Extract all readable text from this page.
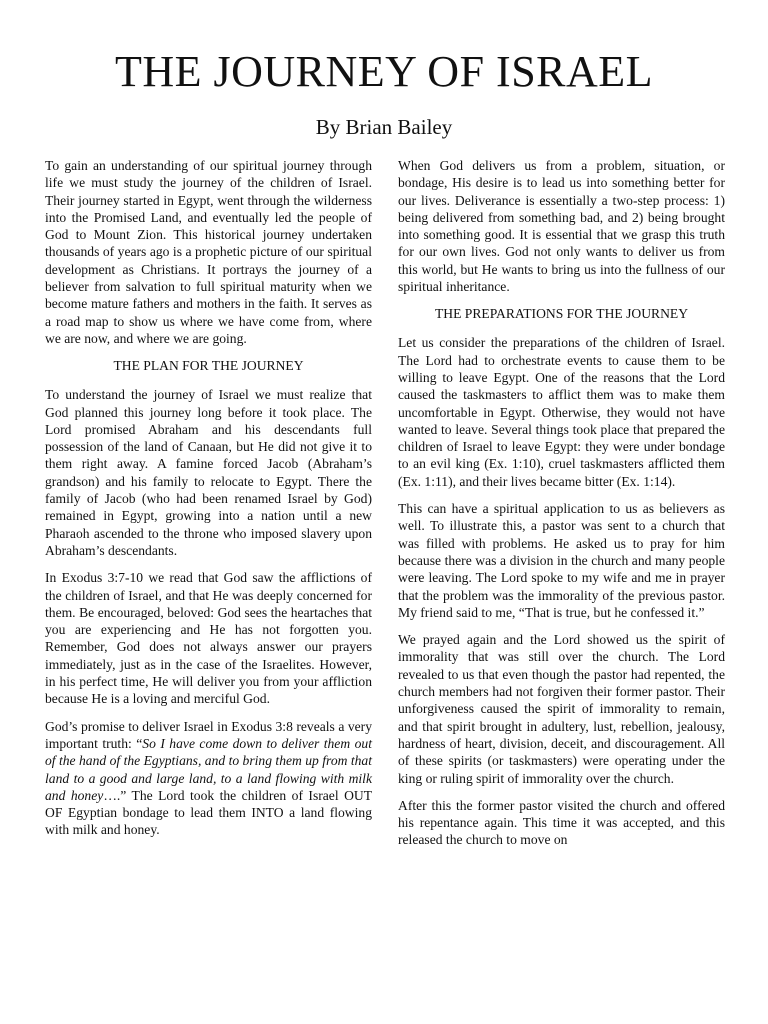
THE JOURNEY OF ISRAEL
By Brian Bailey

To gain an understanding of our spiritual journey through life we must study the journey of the children of Israel. Their journey started in Egypt, went through the wilderness into the Promised Land, and eventually led the people of God to Mount Zion. This historical journey undertaken thousands of years ago is a prophetic picture of our spiritual development as Christians. It portrays the journey of a believer from salvation to full spiritual maturity when we become mature fathers and mothers in the faith. It serves as a road map to show us where we have come from, where we are now, and where we are going.

THE PLAN FOR THE JOURNEY

To understand the journey of Israel we must realize that God planned this journey long before it took place. The Lord promised Abraham and his descendants full possession of the land of Canaan, but He did not give it to them right away. A famine forced Jacob (Abraham’s grandson) and his family to relocate to Egypt. There the family of Jacob (who had been renamed Israel by God) remained in Egypt, growing into a nation until a new Pharaoh ascended to the throne who imposed slavery upon Abraham’s descendants.

In Exodus 3:7-10 we read that God saw the afflictions of the children of Israel, and that He was deeply concerned for them. Be encouraged, beloved: God sees the heartaches that you are experiencing and He has not forgotten you. Remember, God does not always answer our prayers immediately, just as in the case of the Israelites. However, in his perfect time, He will deliver you from your affliction because He is a loving and merciful God.

God’s promise to deliver Israel in Exodus 3:8 reveals a very important truth: “So I have come down to deliver them out of the hand of the Egyptians, and to bring them up from that land to a good and large land, to a land flowing with milk and honey….” The Lord took the children of Israel OUT OF Egyptian bondage to lead them INTO a land flowing with milk and honey.

When God delivers us from a problem, situation, or bondage, His desire is to lead us into something better for our lives. Deliverance is essentially a two-step process: 1) being delivered from something bad, and 2) being brought into something good. It is essential that we grasp this truth for our own lives. God not only wants to deliver us from this world, but He wants to bring us into the fullness of our spiritual inheritance.

THE PREPARATIONS FOR THE JOURNEY

Let us consider the preparations of the children of Israel. The Lord had to orchestrate events to cause them to be willing to leave Egypt. One of the reasons that the Lord caused the taskmasters to afflict them was to make them uncomfortable in Egypt. Otherwise, they would not have wanted to leave. Several things took place that prepared the children of Israel to leave Egypt: they were under bondage to an evil king (Ex. 1:10), cruel taskmasters afflicted them (Ex. 1:11), and their lives became bitter (Ex. 1:14).

This can have a spiritual application to us as believers as well. To illustrate this, a pastor was sent to a church that was filled with problems. He asked us to pray for him because there was a division in the church and many people were leaving. The Lord spoke to my wife and me in prayer that the problem was the immorality of the previous pastor. My friend said to me, “That is true, but he confessed it.”

We prayed again and the Lord showed us the spirit of immorality that was still over the church. The Lord revealed to us that even though the pastor had repented, the church members had not forgiven their former pastor. Their unforgiveness caused the spirit of immorality to remain, and that spirit brought in adultery, lust, rebellion, jealousy, hardness of heart, division, deceit, and discouragement. All of these spirits (or taskmasters) were operating under the king or ruling spirit of immorality over the church.

After this the former pastor visited the church and offered his repentance again. This time it was accepted, and this released the church to move on
